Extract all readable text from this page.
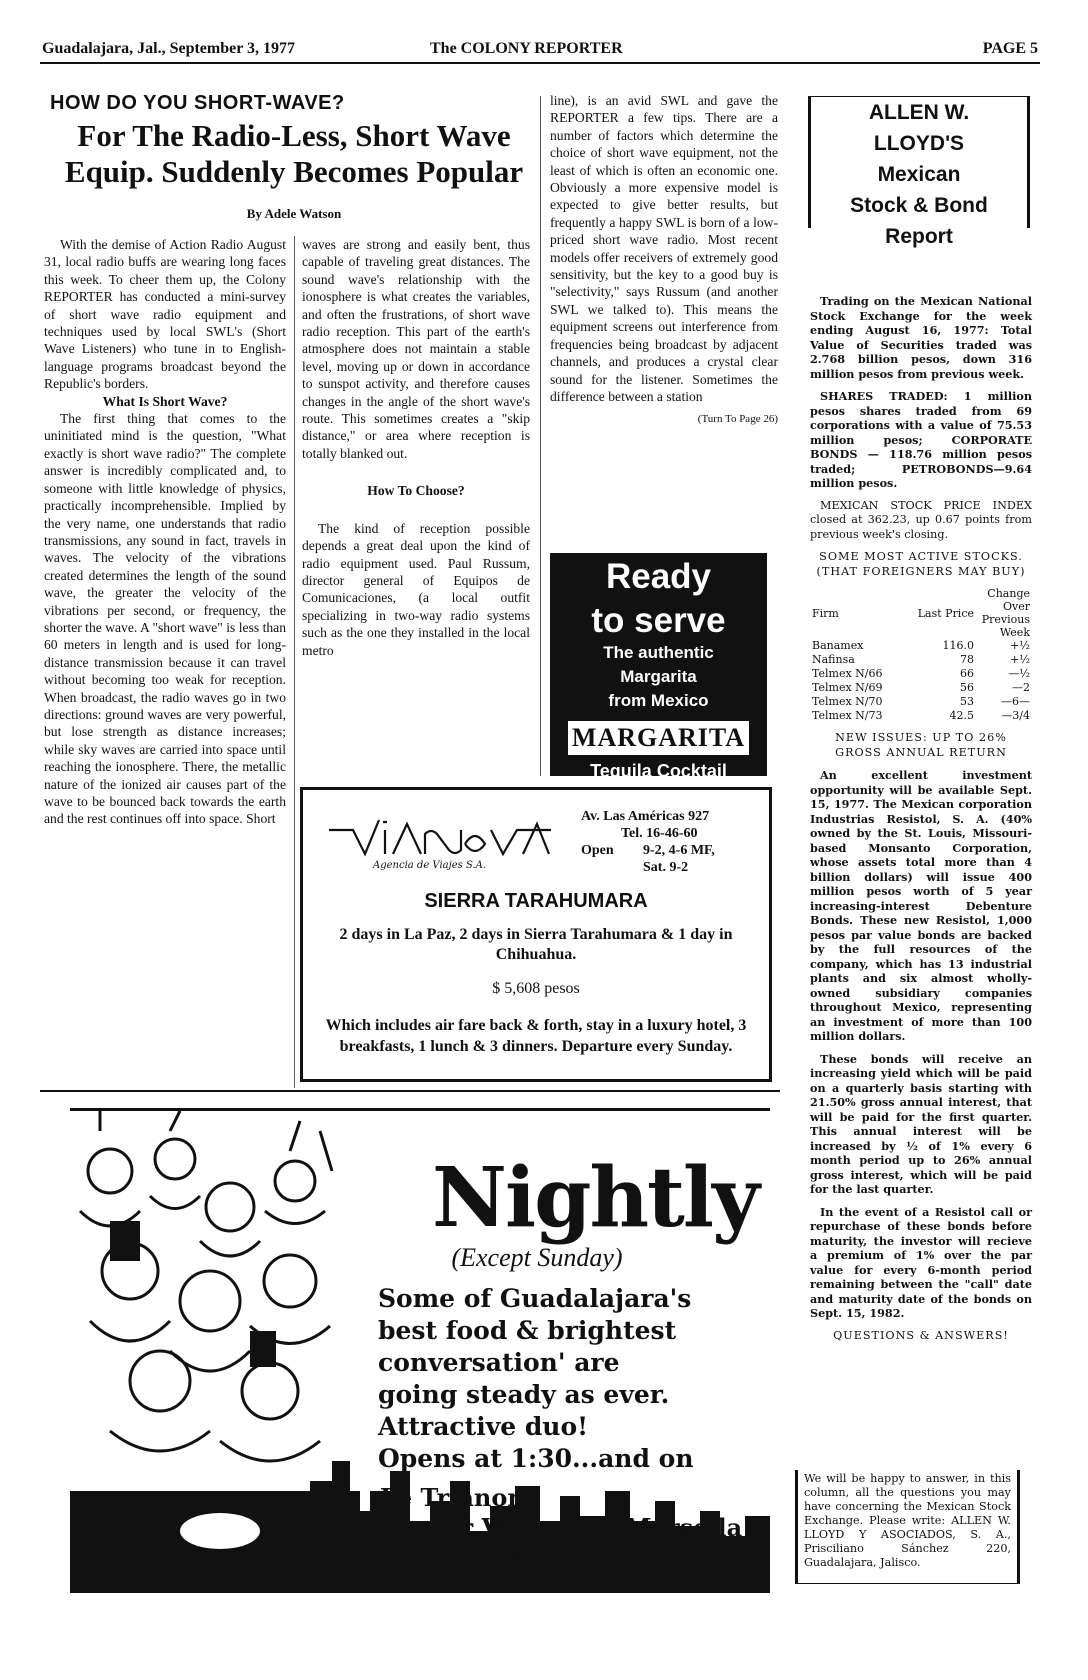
Guadalajara, Jal., September 3, 1977	The COLONY REPORTER	PAGE 5
HOW DO YOU SHORT-WAVE?
For The Radio-Less, Short Wave Equip. Suddenly Becomes Popular
By Adele Watson

With the demise of Action Radio August 31, local radio buffs are wearing long faces this week. To cheer them up, the Colony REPORTER has conducted a mini-survey of short wave radio equipment and techniques used by local SWL's (Short Wave Listeners) who tune in to English-language programs broadcast beyond the Republic's borders.

What Is Short Wave?

The first thing that comes to the uninitiated mind is the question, "What exactly is short wave radio?" The complete answer is incredibly complicated and, to someone with little knowledge of physics, practically incomprehensible. Implied by the very name, one understands that radio transmissions, any sound in fact, travels in waves. The velocity of the vibrations created determines the length of the sound wave, the greater the velocity of the vibrations per second, or frequency, the shorter the wave. A "short wave" is less than 60 meters in length and is used for long-distance transmission because it can travel without becoming too weak for reception. When broadcast, the radio waves go in two directions: ground waves are very powerful, but lose strength as distance increases; while sky waves are carried into space until reaching the ionosphere. There, the metallic nature of the ionized air causes part of the wave to be bounced back towards the earth and the rest continues off into space. Short

waves are strong and easily bent, thus capable of traveling great distances. The sound wave's relationship with the ionosphere is what creates the variables, and often the frustrations, of short wave radio reception. This part of the earth's atmosphere does not maintain a stable level, moving up or down in accordance to sunspot activity, and therefore causes changes in the angle of the short wave's route. This sometimes creates a "skip distance," or area where reception is totally blanked out.

How To Choose?

The kind of reception possible depends a great deal upon the kind of radio equipment used. Paul Russum, director general of Equipos de Comunicaciones, (a local outfit specializing in two-way radio systems such as the one they installed in the local metro

line), is an avid SWL and gave the REPORTER a few tips. There are a number of factors which determine the choice of short wave equipment, not the least of which is often an economic one. Obviously a more expensive model is expected to give better results, but frequently a happy SWL is born of a low-priced short wave radio. Most recent models offer receivers of extremely good sensitivity, but the key to a good buy is "selectivity," says Russum (and another SWL we talked to). This means the equipment screens out interference from frequencies being broadcast by adjacent channels, and produces a crystal clear sound for the listener. Sometimes the difference between a station

(Turn To Page 26)

Ready
to serve
The authentic
Margarita
from Mexico
MARGARITA
Tequila Cocktail
Agencia de Viajes S.A.
Av. Las Américas 927
Tel. 16-46-60
Open	9-2, 4-6 MF,
Sat. 9-2
SIERRA TARAHUMARA
2 days in La Paz, 2 days in Sierra Tarahumara & 1 day in Chihuahua.
$ 5,608 pesos
Which includes air fare back & forth, stay in a luxury hotel, 3 breakfasts, 1 lunch & 3 dinners. Departure every Sunday.
ALLEN W.
LLOYD'S
Mexican
Stock & Bond
Report

Trading on the Mexican National Stock Exchange for the week ending August 16, 1977: Total Value of Securities traded was 2.768 billion pesos, down 316 million pesos from previous week.

SHARES TRADED: 1 million pesos shares traded from 69 corporations with a value of 75.53 million pesos; CORPORATE BONDS — 118.76 million pesos traded; PETROBONDS—9.64 million pesos.

MEXICAN STOCK PRICE INDEX closed at 362.23, up 0.67 points from previous week's closing.

SOME MOST ACTIVE STOCKS. (THAT FOREIGNERS MAY BUY)

Firm	Last Price	Change Over Previous Week
Banamex	116.0	+½
Nafinsa	78	+½
Telmex N/66	66	—½
Telmex N/69	56	—2
Telmex N/70	53	—6—
Telmex N/73	42.5	—3/4

NEW ISSUES: UP TO 26% GROSS ANNUAL RETURN

An excellent investment opportunity will be available Sept. 15, 1977. The Mexican corporation Industrias Resistol, S. A. (40% owned by the St. Louis, Missouri-based Monsanto Corporation, whose assets total more than 4 billion dollars) will issue 400 million pesos worth of 5 year increasing-interest Debenture Bonds. These new Resistol, 1,000 pesos par value bonds are backed by the full resources of the company, which has 13 industrial plants and six almost wholly-owned subsidiary companies throughout Mexico, representing an investment of more than 100 million dollars.

These bonds will receive an increasing yield which will be paid on a quarterly basis starting with 21.50% gross annual interest, that will be paid for the first quarter. This annual interest will be increased by ½ of 1% every 6 month period up to 26% annual gross interest, which will be paid for the last quarter.

In the event of a Resistol call or repurchase of these bonds before maturity, the investor will recieve a premium of 1% over the par value for every 6-month period remaining between the "call" date and maturity date of the bonds on Sept. 15, 1982.

QUESTIONS & ANSWERS!

We will be happy to answer, in this column, all the questions you may have concerning the Mexican Stock Exchange. Please write: ALLEN W. LLOYD Y ASOCIADOS, S. A., Prisciliano Sánchez 220, Guadalajara, Jalisco.
Nightly
(Except Sunday)
Some of Guadalajara's
best food & brightest
conversation' are
going steady as ever.
Attractive duo!
Opens at 1:30...and on
Le Trianon
Corner Vallarta & Marsella
16-40-95
